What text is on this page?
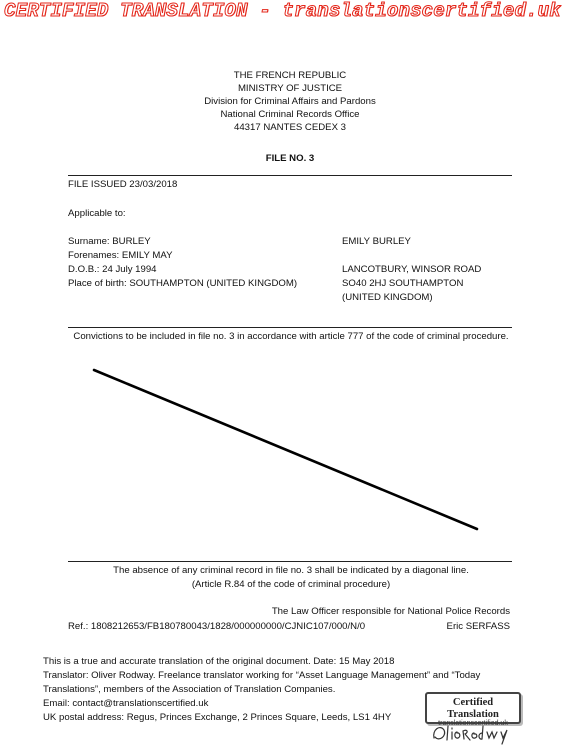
CERTIFIED TRANSLATION - translationscertified.uk
THE FRENCH REPUBLIC
MINISTRY OF JUSTICE
Division for Criminal Affairs and Pardons
National Criminal Records Office
44317 NANTES CEDEX 3
FILE NO. 3
FILE ISSUED 23/03/2018
Applicable to:
Surname: BURLEY
Forenames: EMILY MAY
D.O.B.: 24 July 1994
Place of birth: SOUTHAMPTON (UNITED KINGDOM)
EMILY BURLEY
LANCOTBURY, WINSOR ROAD
SO40 2HJ SOUTHAMPTON
(UNITED KINGDOM)
Convictions to be included in file no. 3 in accordance with article 777 of the code of criminal procedure.
The absence of any criminal record in file no. 3 shall be indicated by a diagonal line.
(Article R.84 of the code of criminal procedure)
The Law Officer responsible for National Police Records
Ref.: 1808212653/FB180780043/1828/000000000/CJNIC107/000/N/0	Eric SERFASS
This is a true and accurate translation of the original document. Date: 15 May 2018
Translator: Oliver Rodway. Freelance translator working for “Asset Language Management” and “Today
Translations”, members of the Association of Translation Companies.
Email: contact@translationscertified.uk
UK postal address: Regus, Princes Exchange, 2 Princes Square, Leeds, LS1 4HY
Certified Translation
translationscertified.uk
